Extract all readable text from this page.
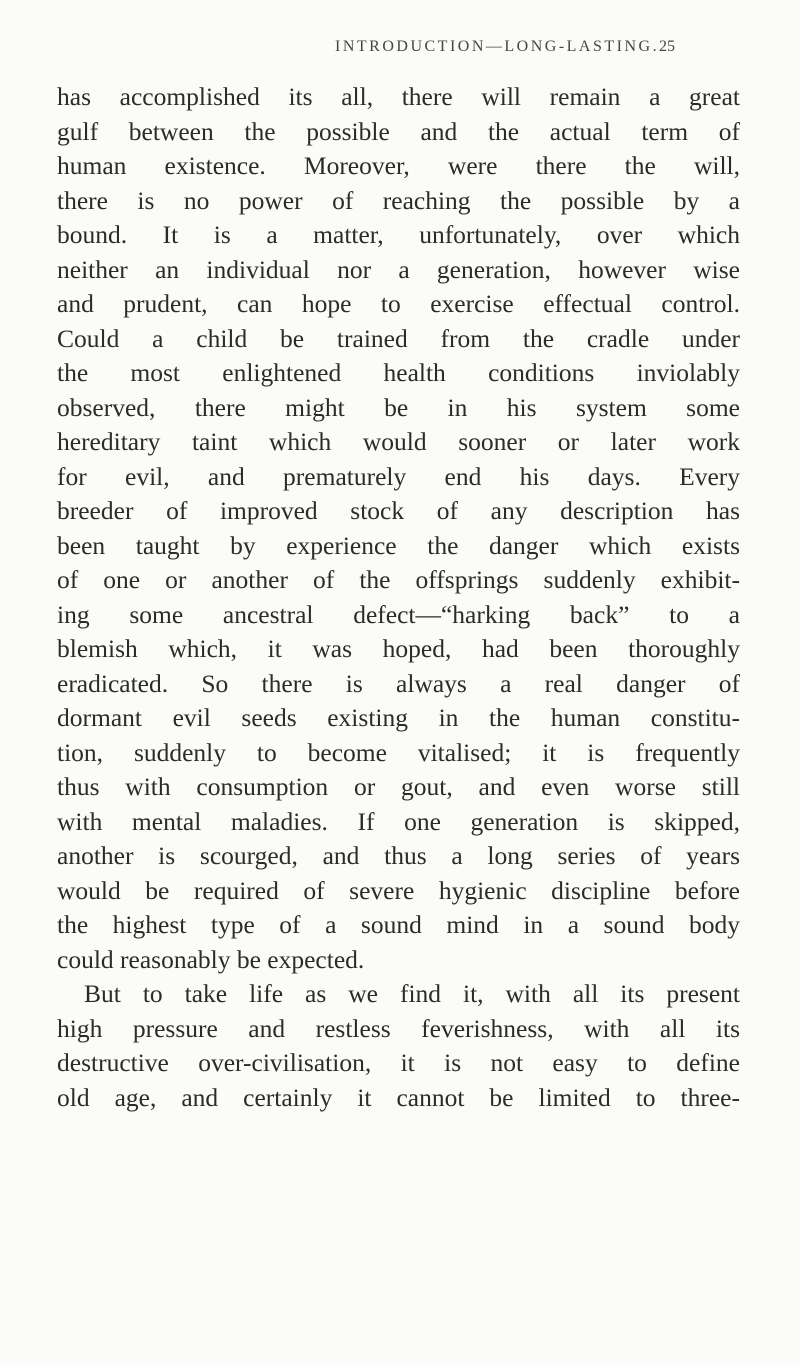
INTRODUCTION—LONG-LASTING. 25
has accomplished its all, there will remain a great
gulf between the possible and the actual term of
human existence. Moreover, were there the will,
there is no power of reaching the possible by a
bound. It is a matter, unfortunately, over which
neither an individual nor a generation, however wise
and prudent, can hope to exercise effectual control.
Could a child be trained from the cradle under
the most enlightened health conditions inviolably
observed, there might be in his system some
hereditary taint which would sooner or later work
for evil, and prematurely end his days. Every
breeder of improved stock of any description has
been taught by experience the danger which exists
of one or another of the offsprings suddenly exhibit-
ing some ancestral defect—“harking back” to a
blemish which, it was hoped, had been thoroughly
eradicated. So there is always a real danger of
dormant evil seeds existing in the human constitu-
tion, suddenly to become vitalised; it is frequently
thus with consumption or gout, and even worse still
with mental maladies. If one generation is skipped,
another is scourged, and thus a long series of years
would be required of severe hygienic discipline before
the highest type of a sound mind in a sound body
could reasonably be expected.
But to take life as we find it, with all its present
high pressure and restless feverishness, with all its
destructive over-civilisation, it is not easy to define
old age, and certainly it cannot be limited to three-
